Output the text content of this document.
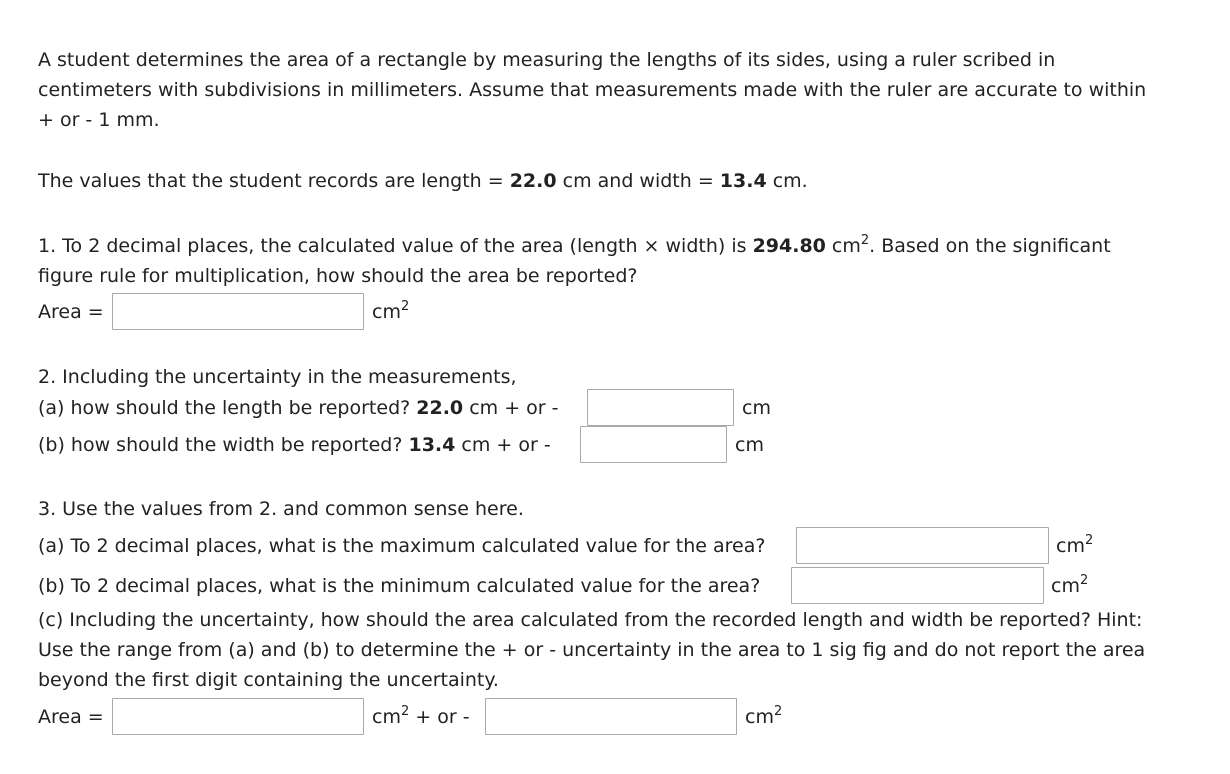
A student determines the area of a rectangle by measuring the lengths of its sides, using a ruler scribed in
centimeters with subdivisions in millimeters. Assume that measurements made with the ruler are accurate to within
+ or - 1 mm.
The values that the student records are length = 22.0 cm and width = 13.4 cm.
1. To 2 decimal places, the calculated value of the area (length × width) is 294.80 $cm^2$. Based on the significant
figure rule for multiplication, how should the area be reported?
Area =	$cm^2$
2. Including the uncertainty in the measurements,
(a) how should the length be reported? 22.0 cm + or -	cm
(b) how should the width be reported? 13.4 cm + or -	cm
3. Use the values from 2. and common sense here.
(a) To 2 decimal places, what is the maximum calculated value for the area?	$cm^2$
(b) To 2 decimal places, what is the minimum calculated value for the area?	$cm^2$
(c) Including the uncertainty, how should the area calculated from the recorded length and width be reported? Hint:
Use the range from (a) and (b) to determine the + or - uncertainty in the area to 1 sig fig and do not report the area
beyond the first digit containing the uncertainty.
Area =	$cm^2$ + or -	$cm^2$
